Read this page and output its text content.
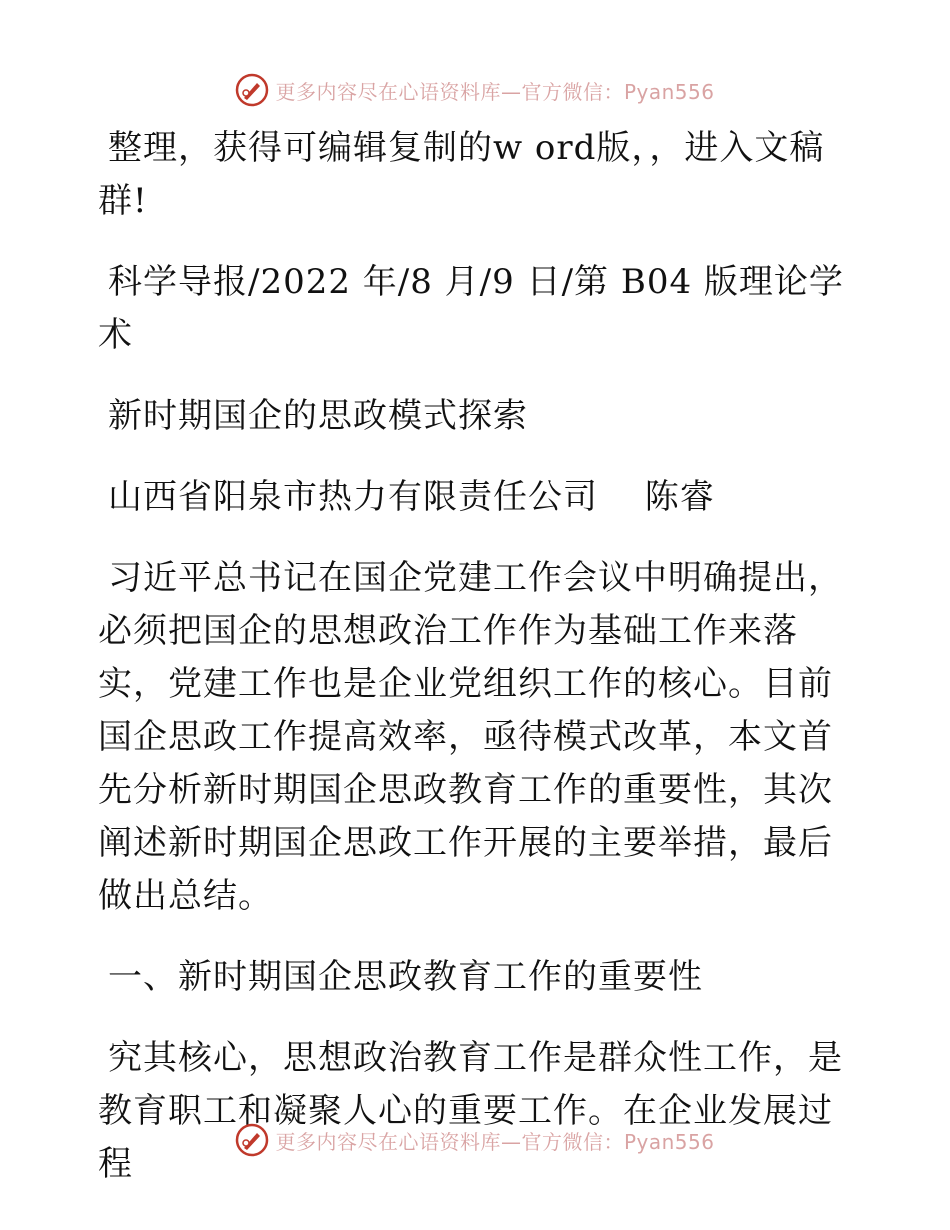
更多内容尽在心语资料库—官方微信：Pyan556

整理，获得可编辑复制的w ord版，，进入文稿群!

科学导报/2022 年/8 月/9 日/第 B04 版理论学术

新时期国企的思政模式探索

山西省阳泉市热力有限责任公司　 陈睿

习近平总书记在国企党建工作会议中明确提出，必须把国企的思想政治工作作为基础工作来落实，党建工作也是企业党组织工作的核心。目前国企思政工作提高效率，亟待模式改革，本文首先分析新时期国企思政教育工作的重要性，其次阐述新时期国企思政工作开展的主要举措，最后做出总结。

一、新时期国企思政教育工作的重要性

究其核心，思想政治教育工作是群众性工作，是教育职工和凝聚人心的重要工作。在企业发展过程

更多内容尽在心语资料库—官方微信：Pyan556
